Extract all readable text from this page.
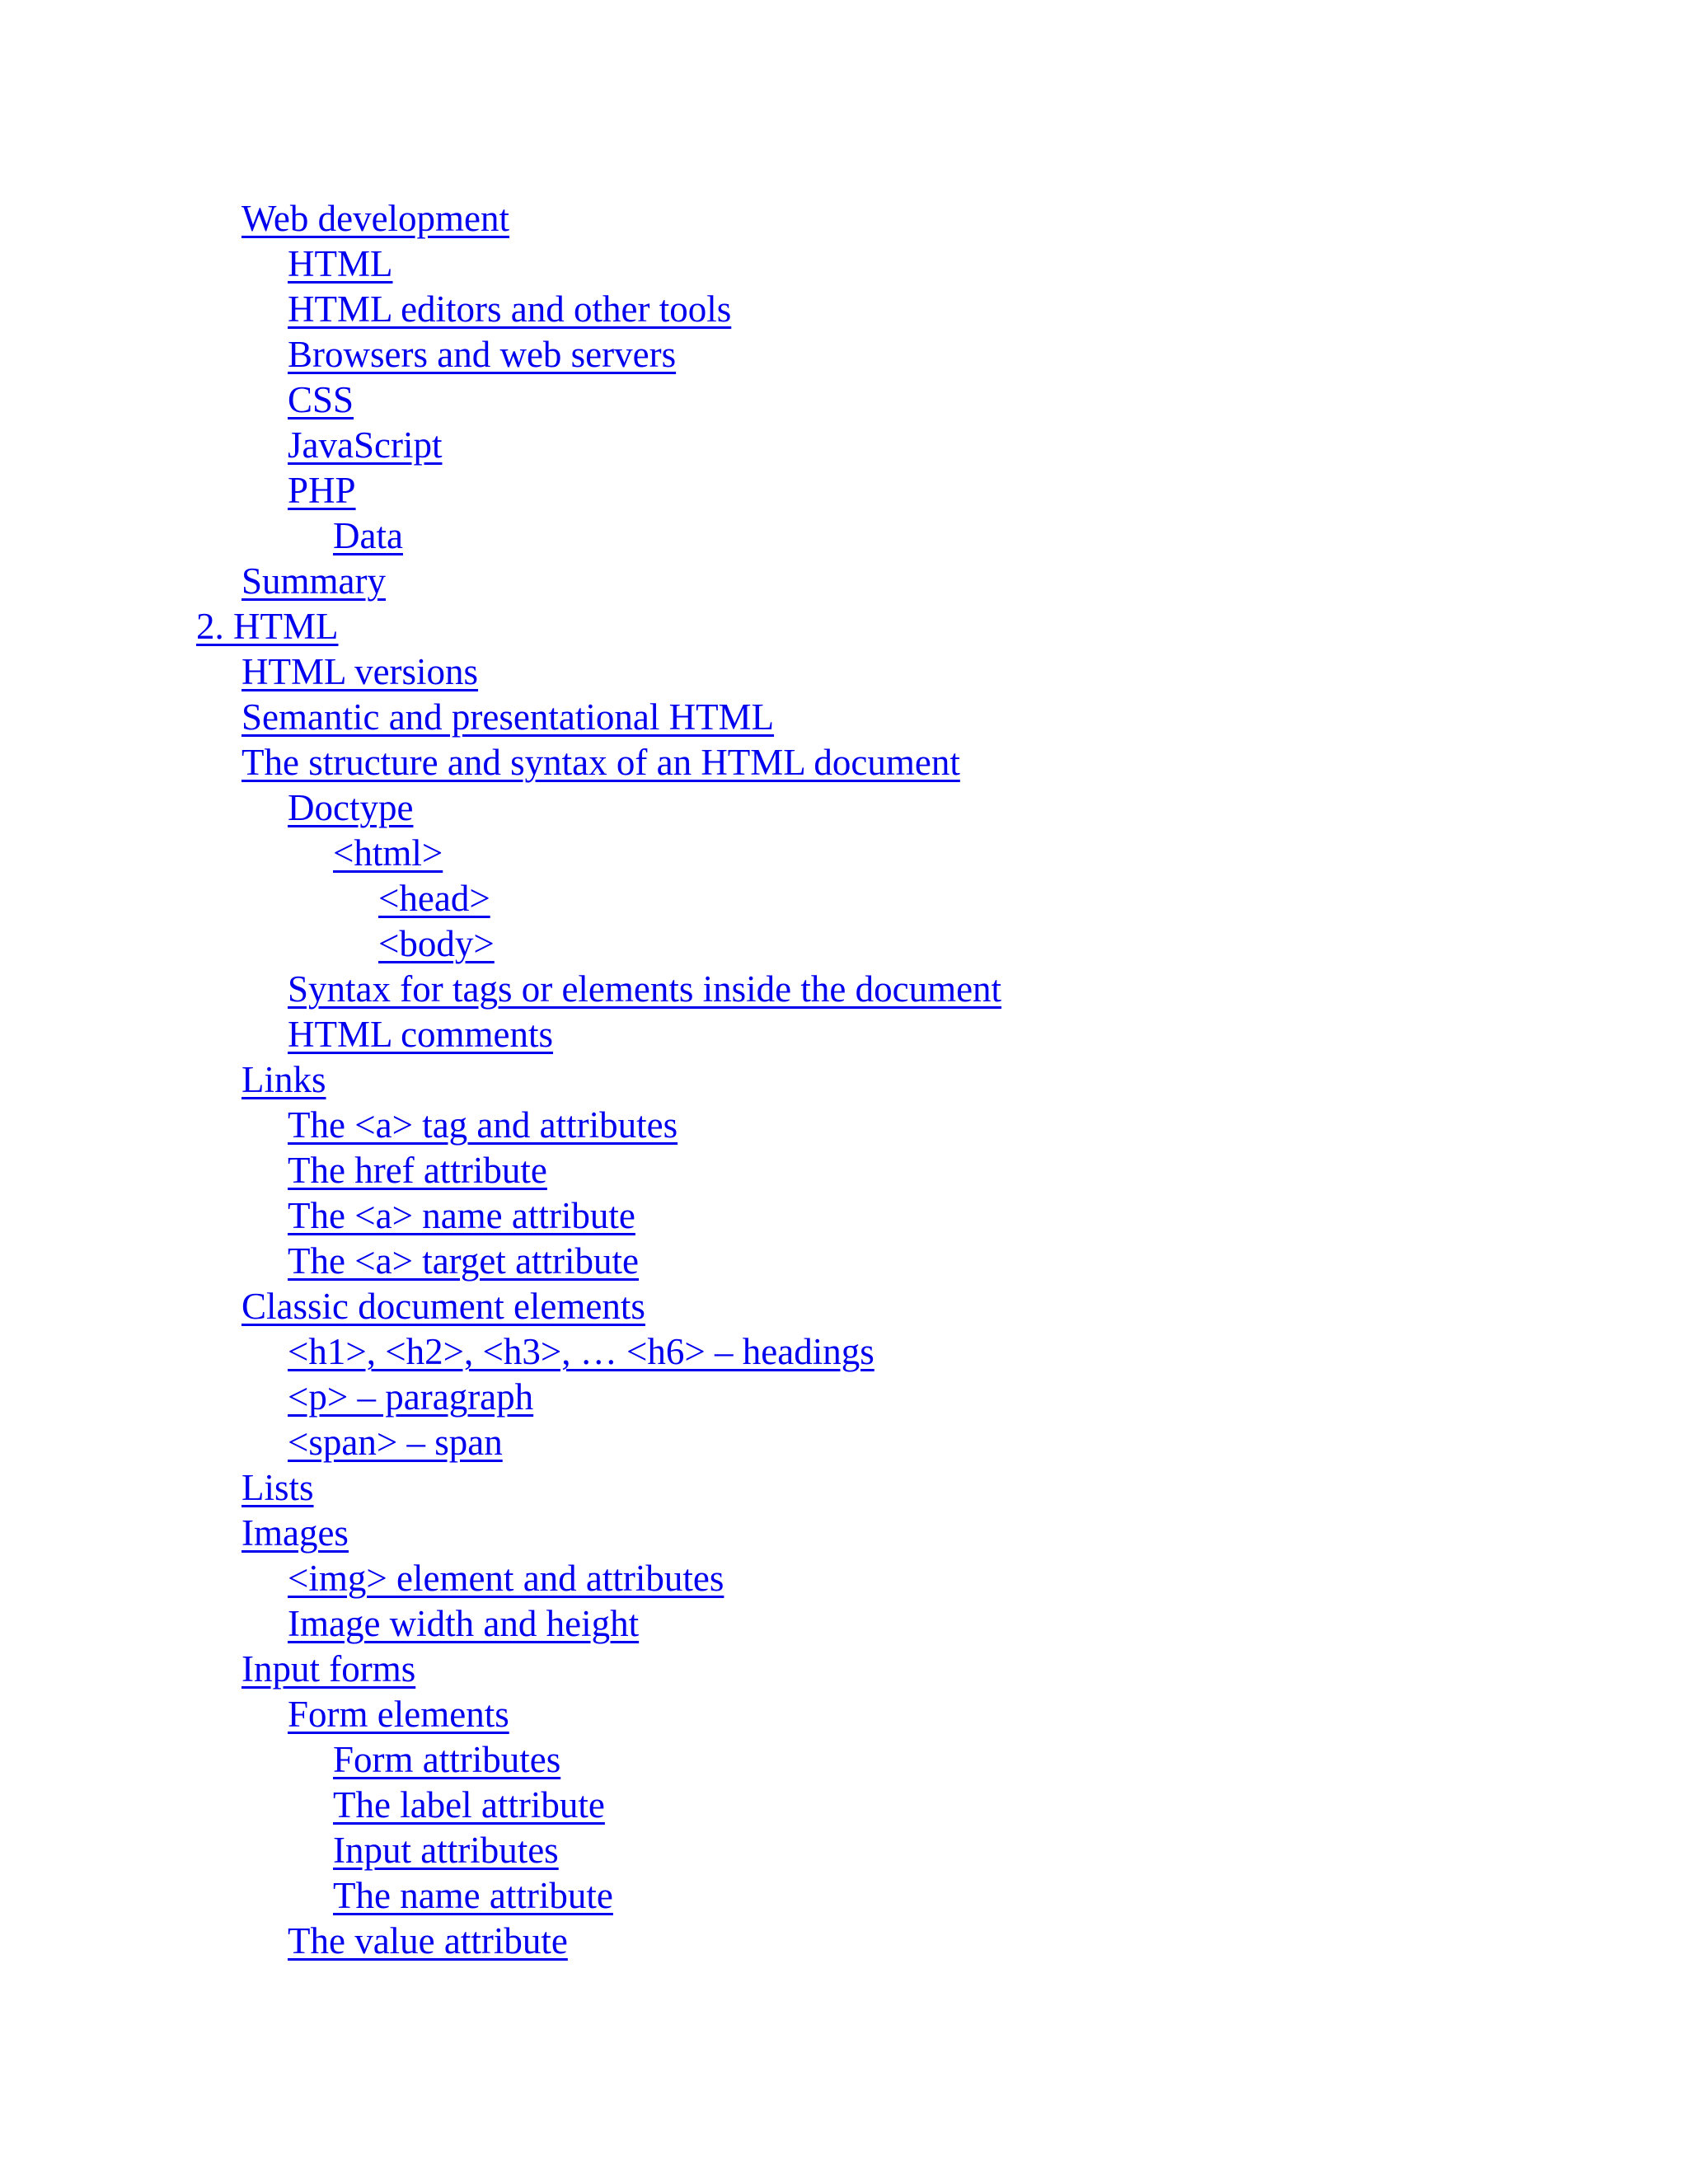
Web development
HTML
HTML editors and other tools
Browsers and web servers
CSS
JavaScript
PHP
Data
Summary
2. HTML
HTML versions
Semantic and presentational HTML
The structure and syntax of an HTML document
Doctype
<html>
<head>
<body>
Syntax for tags or elements inside the document
HTML comments
Links
The <a> tag and attributes
The href attribute
The <a> name attribute
The <a> target attribute
Classic document elements
<h1>, <h2>, <h3>, … <h6> – headings
<p> – paragraph
<span> – span
Lists
Images
<img> element and attributes
Image width and height
Input forms
Form elements
Form attributes
The label attribute
Input attributes
The name attribute
The value attribute
